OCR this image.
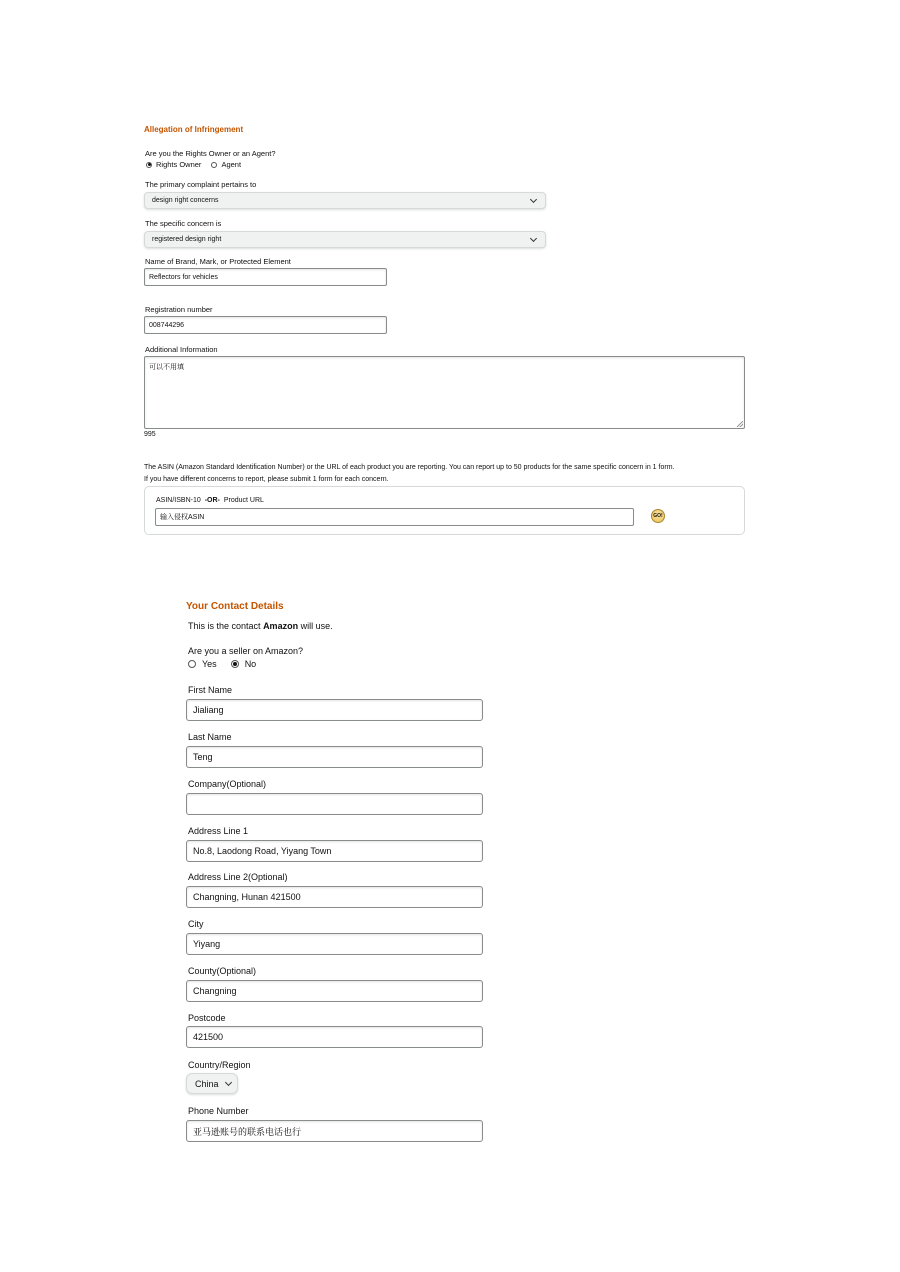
Allegation of Infringement
Are you the Rights Owner or an Agent?
Rights Owner	Agent
The primary complaint pertains to
design right concerns
The specific concern is
registered design right
Name of Brand, Mark, or Protected Element
Reflectors for vehicles
Registration number
008744296
Additional Information
可以不用填
995
The ASIN (Amazon Standard Identification Number) or the URL of each product you are reporting. You can report up to 50 products for the same specific concern in 1 form.
If you have different concerns to report, please submit 1 form for each concern.
ASIN/ISBN-10 -OR- Product URL
输入侵权ASIN	GO!
Your Contact Details
This is the contact Amazon will use.
Are you a seller on Amazon?
Yes	No
First Name
Jialiang
Last Name
Teng
Company(Optional)
Address Line 1
No.8, Laodong Road, Yiyang Town
Address Line 2(Optional)
Changning, Hunan 421500
City
Yiyang
County(Optional)
Changning
Postcode
421500
Country/Region
China
Phone Number
亚马逊账号的联系电话也行
